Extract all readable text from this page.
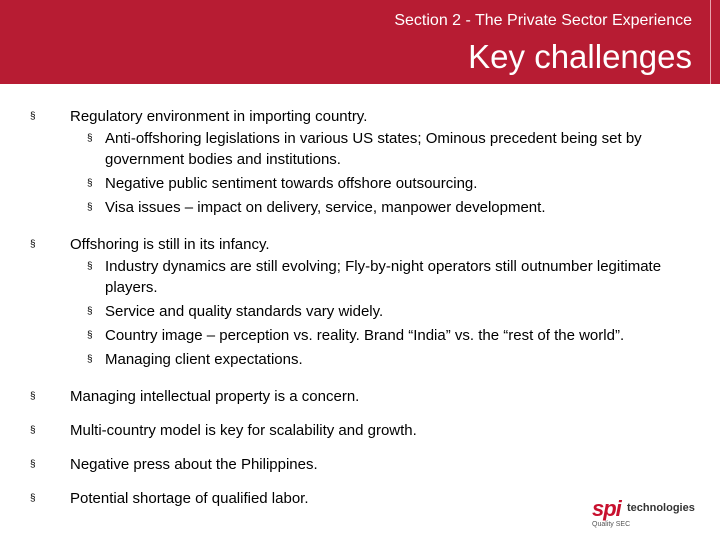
Section 2 - The Private Sector Experience
Key challenges
§	Regulatory environment in importing country.
§ Anti-offshoring legislations in various US states; Ominous precedent being set by government bodies and institutions.
§ Negative public sentiment towards offshore outsourcing.
§ Visa issues – impact on delivery, service, manpower development.
§	Offshoring is still in its infancy.
§ Industry dynamics are still evolving; Fly-by-night operators still outnumber legitimate players.
§ Service and quality standards vary widely.
§ Country image – perception vs. reality. Brand “India” vs. the “rest of the world”.
§ Managing client expectations.
§	Managing intellectual property is a concern.
§	Multi-country model is key for scalability and growth.
§	Negative press about the Philippines.
§	Potential shortage of qualified labor.	spi technologies
Quality SEC
